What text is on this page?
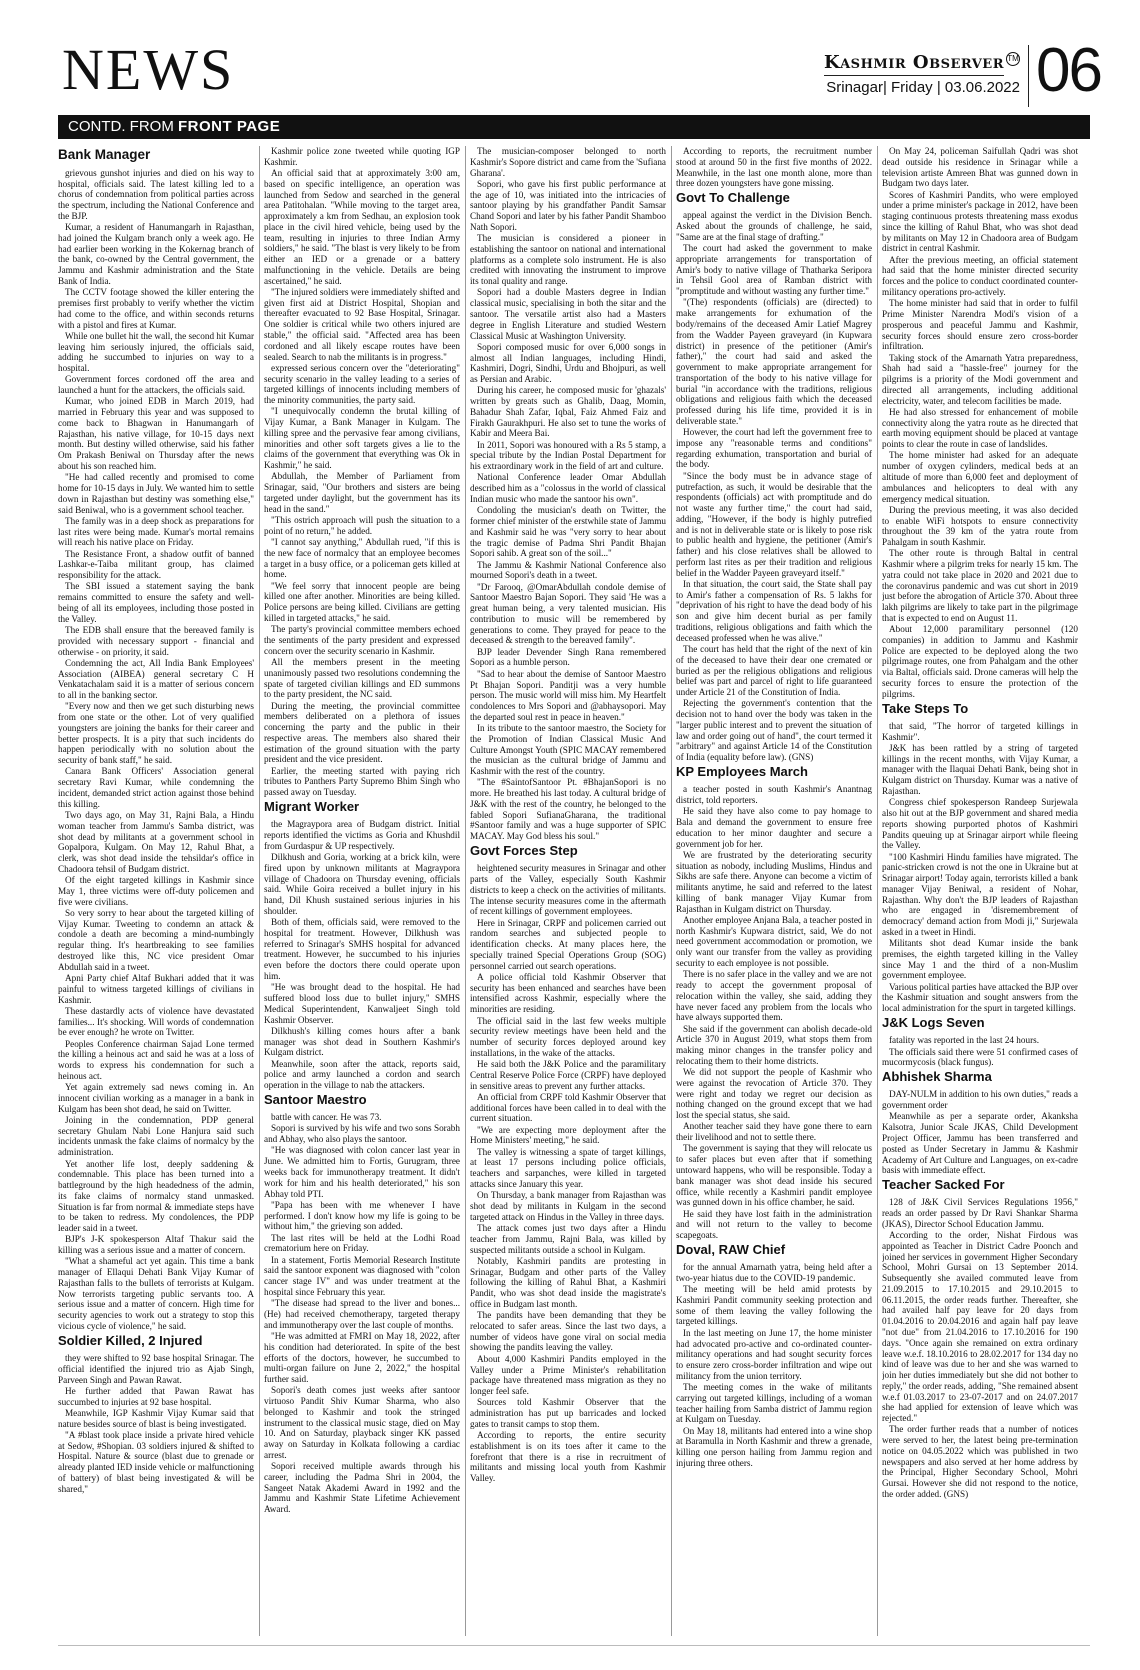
NEWS	Kashmir Observer TM
Srinagar| Friday | 03.06.2022 06
CONTD. FROM FRONT PAGE
Bank Manager

grievous gunshot injuries and died on his way to hospital, officials said. The latest killing led to a chorus of condemnation from political parties across the spectrum, including the National Conference and the BJP.

Kumar, a resident of Hanumangarh in Rajasthan, had joined the Kulgam branch only a week ago. He had earlier been working in the Kokernag branch of the bank, co-owned by the Central government, the Jammu and Kashmir administration and the State Bank of India.

The CCTV footage showed the killer entering the premises first probably to verify whether the victim had come to the office, and within seconds returns with a pistol and fires at Kumar.

While one bullet hit the wall, the second hit Kumar leaving him seriously injured, the officials said, adding he succumbed to injuries on way to a hospital.

Government forces cordoned off the area and launched a hunt for the attackers, the officials said.

Kumar, who joined EDB in March 2019, had married in February this year and was supposed to come back to Bhagwan in Hanumangarh of Rajasthan, his native village, for 10-15 days next month. But destiny willed otherwise, said his father Om Prakash Beniwal on Thursday after the news about his son reached him.

"He had called recently and promised to come home for 10-15 days in July. We wanted him to settle down in Rajasthan but destiny was something else," said Beniwal, who is a government school teacher.

The family was in a deep shock as preparations for last rites were being made. Kumar's mortal remains will reach his native place on Friday.

The Resistance Front, a shadow outfit of banned Lashkar-e-Taiba militant group, has claimed responsibility for the attack.

The SBI issued a statement saying the bank remains committed to ensure the safety and well-being of all its employees, including those posted in the Valley.

The EDB shall ensure that the bereaved family is provided with necessary support - financial and otherwise - on priority, it said.

Condemning the act, All India Bank Employees' Association (AIBEA) general secretary C H Venkatachalam said it is a matter of serious concern to all in the banking sector.

"Every now and then we get such disturbing news from one state or the other. Lot of very qualified youngsters are joining the banks for their career and better prospects. It is a pity that such incidents do happen periodically with no solution about the security of bank staff," he said.

Canara Bank Officers' Association general secretary Ravi Kumar, while condemning the incident, demanded strict action against those behind this killing.

Two days ago, on May 31, Rajni Bala, a Hindu woman teacher from Jammu's Samba district, was shot dead by militants at a government school in Gopalpora, Kulgam. On May 12, Rahul Bhat, a clerk, was shot dead inside the tehsildar's office in Chadoora tehsil of Budgam district.

Of the eight targeted killings in Kashmir since May 1, three victims were off-duty policemen and five were civilians.

So very sorry to hear about the targeted killing of Vijay Kumar. Tweeting to condemn an attack & condole a death are becoming a mind-numbingly regular thing. It's heartbreaking to see families destroyed like this, NC vice president Omar Abdullah said in a tweet.

Apni Party chief Altaf Bukhari added that it was painful to witness targeted killings of civilians in Kashmir.

These dastardly acts of violence have devastated families... It's shocking. Will words of condemnation be ever enough? he wrote on Twitter.

Peoples Conference chairman Sajad Lone termed the killing a heinous act and said he was at a loss of words to express his condemnation for such a heinous act.

Yet again extremely sad news coming in. An innocent civilian working as a manager in a bank in Kulgam has been shot dead, he said on Twitter.

Joining in the condemnation, PDP general secretary Ghulam Nabi Lone Hanjura said such incidents unmask the fake claims of normalcy by the administration.

Yet another life lost, deeply saddening & condemnable. This place has been turned into a battleground by the high headedness of the admin, its fake claims of normalcy stand unmasked. Situation is far from normal & immediate steps have to be taken to redress. My condolences, the PDP leader said in a tweet.

BJP's J-K spokesperson Altaf Thakur said the killing was a serious issue and a matter of concern.

"What a shameful act yet again. This time a bank manager of Ellaqui Dehati Bank Vijay Kumar of Rajasthan falls to the bullets of terrorists at Kulgam. Now terrorists targeting public servants too. A serious issue and a matter of concern. High time for security agencies to work out a strategy to stop this vicious cycle of violence," he said.

Soldier Killed, 2 Injured

they were shifted to 92 base hospital Srinagar. The official identified the injured trio as Ajab Singh, Parveen Singh and Pawan Rawat.

He further added that Pawan Rawat has succumbed to injuries at 92 base hospital.

Meanwhile, IGP Kashmir Vijay Kumar said that nature besides source of blast is being investigated.

"A #blast took place inside a private hired vehicle at Sedow, #Shopian. 03 soldiers injured & shifted to Hospital. Nature & source (blast due to grenade or already planted IED inside vehicle or malfunctioning of battery) of blast being investigated & will be shared,"

Kashmir police zone tweeted while quoting IGP Kashmir.

An official said that at approximately 3:00 am, based on specific intelligence, an operation was launched from Sedow and searched in the general area Patitohalan. "While moving to the target area, approximately a km from Sedhau, an explosion took place in the civil hired vehicle, being used by the team, resulting in injuries to three Indian Army soldiers," he said. "The blast is very likely to be from either an IED or a grenade or a battery malfunctioning in the vehicle. Details are being ascertained," he said.

"The injured soldiers were immediately shifted and given first aid at District Hospital, Shopian and thereafter evacuated to 92 Base Hospital, Srinagar. One soldier is critical while two others injured are stable," the official said. "Affected area has been cordoned and all likely escape routes have been sealed. Search to nab the militants is in progress."

expressed serious concern over the "deteriorating" security scenario in the valley leading to a series of targeted killings of innocents including members of the minority communities, the party said.

"I unequivocally condemn the brutal killing of Vijay Kumar, a Bank Manager in Kulgam. The killing spree and the pervasive fear among civilians, minorities and other soft targets gives a lie to the claims of the government that everything was Ok in Kashmir," he said.

Abdullah, the Member of Parliament from Srinagar, said, "Our brothers and sisters are being targeted under daylight, but the government has its head in the sand."

"This ostrich approach will push the situation to a point of no return," he added.

"I cannot say anything," Abdullah rued, "if this is the new face of normalcy that an employee becomes a target in a busy office, or a policeman gets killed at home.

"We feel sorry that innocent people are being killed one after another. Minorities are being killed. Police persons are being killed. Civilians are getting killed in targeted attacks," he said.

The party's provincial committee members echoed the sentiments of the party president and expressed concern over the security scenario in Kashmir.

All the members present in the meeting unanimously passed two resolutions condemning the spate of targeted civilian killings and ED summons to the party president, the NC said.

During the meeting, the provincial committee members deliberated on a plethora of issues concerning the party and the public in their respective areas. The members also shared their estimation of the ground situation with the party president and the vice president.

Earlier, the meeting started with paying rich tributes to Panthers Party Supremo Bhim Singh who passed away on Tuesday.

Migrant Worker

the Magraypora area of Budgam district. Initial reports identified the victims as Goria and Khushdil from Gurdaspur & UP respectively.

Dilkhush and Goria, working at a brick kiln, were fired upon by unknown militants at Magraypora village of Chadoora on Thursday evening, officials said. While Goira received a bullet injury in his hand, Dil Khush sustained serious injuries in his shoulder.

Both of them, officials said, were removed to the hospital for treatment. However, Dilkhush was referred to Srinagar's SMHS hospital for advanced treatment. However, he succumbed to his injuries even before the doctors there could operate upon him.

"He was brought dead to the hospital. He had suffered blood loss due to bullet injury," SMHS Medical Superintendent, Kanwaljeet Singh told Kashmir Observer.

Dilkhush's killing comes hours after a bank manager was shot dead in Southern Kashmir's Kulgam district.

Meanwhile, soon after the attack, reports said, police and army launched a cordon and search operation in the village to nab the attackers.

Santoor Maestro

battle with cancer. He was 73.

Sopori is survived by his wife and two sons Sorabh and Abhay, who also plays the santoor.

"He was diagnosed with colon cancer last year in June. We admitted him to Fortis, Gurugram, three weeks back for immunotherapy treatment. It didn't work for him and his health deteriorated," his son Abhay told PTI.

"Papa has been with me whenever I have performed. I don't know how my life is going to be without him," the grieving son added.

The last rites will be held at the Lodhi Road crematorium here on Friday.

In a statement, Fortis Memorial Research Institute said the santoor exponent was diagnosed with "colon cancer stage IV" and was under treatment at the hospital since February this year.

"The disease had spread to the liver and bones... (He) had received chemotherapy, targeted therapy and immunotherapy over the last couple of months.

"He was admitted at FMRI on May 18, 2022, after his condition had deteriorated. In spite of the best efforts of the doctors, however, he succumbed to multi-organ failure on June 2, 2022," the hospital further said.

Sopori's death comes just weeks after santoor virtuoso Pandit Shiv Kumar Sharma, who also belonged to Kashmir and took the stringed instrument to the classical music stage, died on May 10. And on Saturday, playback singer KK passed away on Saturday in Kolkata following a cardiac arrest.

Sopori received multiple awards through his career, including the Padma Shri in 2004, the Sangeet Natak Akademi Award in 1992 and the Jammu and Kashmir State Lifetime Achievement Award.

The musician-composer belonged to north Kashmir's Sopore district and came from the 'Sufiana Gharana'.

Sopori, who gave his first public performance at the age of 10, was initiated into the intricacies of santoor playing by his grandfather Pandit Samsar Chand Sopori and later by his father Pandit Shamboo Nath Sopori.

The musician is considered a pioneer in establishing the santoor on national and international platforms as a complete solo instrument. He is also credited with innovating the instrument to improve its tonal quality and range.

Sopori had a double Masters degree in Indian classical music, specialising in both the sitar and the santoor. The versatile artist also had a Masters degree in English Literature and studied Western Classical Music at Washington University.

Sopori composed music for over 6,000 songs in almost all Indian languages, including Hindi, Kashmiri, Dogri, Sindhi, Urdu and Bhojpuri, as well as Persian and Arabic.

During his career, he composed music for 'ghazals' written by greats such as Ghalib, Daag, Momin, Bahadur Shah Zafar, Iqbal, Faiz Ahmed Faiz and Firakh Gaurakhpuri. He also set to tune the works of Kabir and Meera Bai.

In 2011, Sopori was honoured with a Rs 5 stamp, a special tribute by the Indian Postal Department for his extraordinary work in the field of art and culture.

National Conference leader Omar Abdullah described him as a "colossus in the world of classical Indian music who made the santoor his own".

Condoling the musician's death on Twitter, the former chief minister of the erstwhile state of Jammu and Kashmir said he was "very sorry to hear about the tragic demise of Padma Shri Pandit Bhajan Sopori sahib. A great son of the soil..."

The Jammu & Kashmir National Conference also mourned Sopori's death in a tweet.

"Dr Farooq, @OmarAbdullah condole demise of Santoor Maestro Bajan Sopori. They said 'He was a great human being, a very talented musician. His contribution to music will be remembered by generations to come. They prayed for peace to the deceased & strength to the bereaved family".

BJP leader Devender Singh Rana remembered Sopori as a humble person.

"Sad to hear about the demise of Santoor Maestro Pt Bhajan Sopori. Panditji was a very humble person. The music world will miss him. My Heartfelt condolences to Mrs Sopori and @abhaysopori. May the departed soul rest in peace in heaven."

In its tribute to the santoor maestro, the Society for the Promotion of Indian Classical Music And Culture Amongst Youth (SPIC MACAY remembered the musician as the cultural bridge of Jammu and Kashmir with the rest of the country.

"The #SaintofSantoor Pt. #BhajanSopori is no more. He breathed his last today. A cultural bridge of J&K with the rest of the country, he belonged to the fabled Sopori SufianaGharana, the traditional #Santoor family and was a huge supporter of SPIC MACAY. May God bless his soul."

Govt Forces Step

heightened security measures in Srinagar and other parts of the Valley, especially South Kashmir districts to keep a check on the activities of militants. The intense security measures come in the aftermath of recent killings of government employees.

Here in Srinagar, CRPF and policemen carried out random searches and subjected people to identification checks. At many places here, the specially trained Special Operations Group (SOG) personnel carried out search operations.

A police official told Kashmir Observer that security has been enhanced and searches have been intensified across Kashmir, especially where the minorities are residing.

The official said in the last few weeks multiple security review meetings have been held and the number of security forces deployed around key installations, in the wake of the attacks.

He said both the J&K Police and the paramilitary Central Reserve Police Force (CRPF) have deployed in sensitive areas to prevent any further attacks.

An official from CRPF told Kashmir Observer that additional forces have been called in to deal with the current situation.

"We are expecting more deployment after the Home Ministers' meeting," he said.

The valley is witnessing a spate of target killings, at least 17 persons including police officials, teachers and sarpanches, were killed in targeted attacks since January this year.

On Thursday, a bank manager from Rajasthan was shot dead by militants in Kulgam in the second targeted attack on Hindus in the Valley in three days.

The attack comes just two days after a Hindu teacher from Jammu, Rajni Bala, was killed by suspected militants outside a school in Kulgam.

Notably, Kashmiri pandits are protesting in Srinagar, Budgam and other parts of the Valley following the killing of Rahul Bhat, a Kashmiri Pandit, who was shot dead inside the magistrate's office in Budgam last month.

The pandits have been demanding that they be relocated to safer areas. Since the last two days, a number of videos have gone viral on social media showing the pandits leaving the valley.

About 4,000 Kashmiri Pandits employed in the Valley under a Prime Minister's rehabilitation package have threatened mass migration as they no longer feel safe.

Sources told Kashmir Observer that the administration has put up barricades and locked gates to transit camps to stop them.

According to reports, the entire security establishment is on its toes after it came to the forefront that there is a rise in recruitment of militants and missing local youth from Kashmir Valley.

According to reports, the recruitment number stood at around 50 in the first five months of 2022. Meanwhile, in the last one month alone, more than three dozen youngsters have gone missing.

Govt To Challenge

appeal against the verdict in the Division Bench. Asked about the grounds of challenge, he said, "Same are at the final stage of drafting."

The court had asked the government to make appropriate arrangements for transportation of Amir's body to native village of Thatharka Seripora in Tehsil Gool area of Ramban district with "promptitude and without wasting any further time."

"(The) respondents (officials) are (directed) to make arrangements for exhumation of the body/remains of the deceased Amir Latief Magrey from the Wadder Payeen graveyard (in Kupwara district) in presence of the petitioner (Amir's father)," the court had said and asked the government to make appropriate arrangement for transportation of the body to his native village for burial "in accordance with the traditions, religious obligations and religious faith which the deceased professed during his life time, provided it is in deliverable state."

However, the court had left the government free to impose any "reasonable terms and conditions" regarding exhumation, transportation and burial of the body.

"Since the body must be in advance stage of putrefaction, as such, it would be desirable that the respondents (officials) act with promptitude and do not waste any further time," the court had said, adding, "However, if the body is highly putrefied and is not in deliverable state or is likely to pose risk to public health and hygiene, the petitioner (Amir's father) and his close relatives shall be allowed to perform last rites as per their tradition and religious belief in the Wadder Payeen graveyard itself."

In that situation, the court said, the State shall pay to Amir's father a compensation of Rs. 5 lakhs for "deprivation of his right to have the dead body of his son and give him decent burial as per family traditions, religious obligations and faith which the deceased professed when he was alive."

The court has held that the right of the next of kin of the deceased to have their dear one cremated or buried as per the religious obligations and religious belief was part and parcel of right to life guaranteed under Article 21 of the Constitution of India.

Rejecting the government's contention that the decision not to hand over the body was taken in the "larger public interest and to prevent the situation of law and order going out of hand", the court termed it "arbitrary" and against Article 14 of the Constitution of India (equality before law). (GNS)

KP Employees March

a teacher posted in south Kashmir's Anantnag district, told reporters.

He said they have also come to pay homage to Bala and demand the government to ensure free education to her minor daughter and secure a government job for her.

We are frustrated by the deteriorating security situation as nobody, including Muslims, Hindus and Sikhs are safe there. Anyone can become a victim of militants anytime, he said and referred to the latest killing of bank manager Vijay Kumar from Rajasthan in Kulgam district on Thursday.

Another employee Anjana Bala, a teacher posted in north Kashmir's Kupwara district, said, We do not need government accommodation or promotion, we only want our transfer from the valley as providing security to each employee is not possible.

There is no safer place in the valley and we are not ready to accept the government proposal of relocation within the valley, she said, adding they have never faced any problem from the locals who have always supported them.

She said if the government can abolish decade-old Article 370 in August 2019, what stops them from making minor changes in the transfer policy and relocating them to their home districts.

We did not support the people of Kashmir who were against the revocation of Article 370. They were right and today we regret our decision as nothing changed on the ground except that we had lost the special status, she said.

Another teacher said they have gone there to earn their livelihood and not to settle there.

The government is saying that they will relocate us to safer places but even after that if something untoward happens, who will be responsible. Today a bank manager was shot dead inside his secured office, while recently a Kashmiri pandit employee was gunned down in his office chamber, he said.

He said they have lost faith in the administration and will not return to the valley to become scapegoats.

Doval, RAW Chief

for the annual Amarnath yatra, being held after a two-year hiatus due to the COVID-19 pandemic.

The meeting will be held amid protests by Kashmiri Pandit community seeking protection and some of them leaving the valley following the targeted killings.

In the last meeting on June 17, the home minister had advocated pro-active and co-ordinated counter-militancy operations and had sought security forces to ensure zero cross-border infiltration and wipe out militancy from the union territory.

The meeting comes in the wake of militants carrying out targeted killings, including of a woman teacher hailing from Samba district of Jammu region at Kulgam on Tuesday.

On May 18, militants had entered into a wine shop at Baramulla in North Kashmir and threw a grenade, killing one person hailing from Jammu region and injuring three others.

On May 24, policeman Saifullah Qadri was shot dead outside his residence in Srinagar while a television artiste Amreen Bhat was gunned down in Budgam two days later.

Scores of Kashmiri Pandits, who were employed under a prime minister's package in 2012, have been staging continuous protests threatening mass exodus since the killing of Rahul Bhat, who was shot dead by militants on May 12 in Chadoora area of Budgam district in central Kashmir.

After the previous meeting, an official statement had said that the home minister directed security forces and the police to conduct coordinated counter-militancy operations pro-actively.

The home minister had said that in order to fulfil Prime Minister Narendra Modi's vision of a prosperous and peaceful Jammu and Kashmir, security forces should ensure zero cross-border infiltration.

Taking stock of the Amarnath Yatra preparedness, Shah had said a "hassle-free" journey for the pilgrims is a priority of the Modi government and directed all arrangements, including additional electricity, water, and telecom facilities be made.

He had also stressed for enhancement of mobile connectivity along the yatra route as he directed that earth moving equipment should be placed at vantage points to clear the route in case of landslides.

The home minister had asked for an adequate number of oxygen cylinders, medical beds at an altitude of more than 6,000 feet and deployment of ambulances and helicopters to deal with any emergency medical situation.

During the previous meeting, it was also decided to enable WiFi hotspots to ensure connectivity throughout the 39 km of the yatra route from Pahalgam in south Kashmir.

The other route is through Baltal in central Kashmir where a pilgrim treks for nearly 15 km. The yatra could not take place in 2020 and 2021 due to the coronavirus pandemic and was cut short in 2019 just before the abrogation of Article 370. About three lakh pilgrims are likely to take part in the pilgrimage that is expected to end on August 11.

About 12,000 paramilitary personnel (120 companies) in addition to Jammu and Kashmir Police are expected to be deployed along the two pilgrimage routes, one from Pahalgam and the other via Baltal, officials said. Drone cameras will help the security forces to ensure the protection of the pilgrims.

Take Steps To

that said, "The horror of targeted killings in Kashmir".

J&K has been rattled by a string of targeted killings in the recent months, with Vijay Kumar, a manager with the Ilaquai Dehati Bank, being shot in Kulgam district on Thursday. Kumar was a native of Rajasthan.

Congress chief spokesperson Randeep Surjewala also hit out at the BJP government and shared media reports showing purported photos of Kashmiri Pandits queuing up at Srinagar airport while fleeing the Valley.

"100 Kashmiri Hindu families have migrated. The panic-stricken crowd is not the one in Ukraine but at Srinagar airport! Today again, terrorists killed a bank manager Vijay Beniwal, a resident of Nohar, Rajasthan. Why don't the BJP leaders of Rajasthan who are engaged in 'disremembrement of democracy' demand action from Modi ji," Surjewala asked in a tweet in Hindi.

Militants shot dead Kumar inside the bank premises, the eighth targeted killing in the Valley since May 1 and the third of a non-Muslim government employee.

Various political parties have attacked the BJP over the Kashmir situation and sought answers from the local administration for the spurt in targeted killings.

J&K Logs Seven

fatality was reported in the last 24 hours.

The officials said there were 51 confirmed cases of mucormycosis (black fungus).

Abhishek Sharma

DAY-NULM in addition to his own duties," reads a government order

Meanwhile as per a separate order, Akanksha Kalsotra, Junior Scale JKAS, Child Development Project Officer, Jammu has been transferred and posted as Under Secretary in Jammu & Kashmir Academy of Art Culture and Languages, on ex-cadre basis with immediate effect.

Teacher Sacked For

128 of J&K Civil Services Regulations 1956," reads an order passed by Dr Ravi Shankar Sharma (JKAS), Director School Education Jammu.

According to the order, Nishat Firdous was appointed as Teacher in District Cadre Poonch and joined her services in government Higher Secondary School, Mohri Gursai on 13 September 2014. Subsequently she availed commuted leave from 21.09.2015 to 17.10.2015 and 29.10.2015 to 06.11.2015, the order reads further. Thereafter, she had availed half pay leave for 20 days from 01.04.2016 to 20.04.2016 and again half pay leave "not due" from 21.04.2016 to 17.10.2016 for 190 days. "Once again she remained on extra ordinary leave w.e.f. 18.10.2016 to 28.02.2017 for 134 day no kind of leave was due to her and she was warned to join her duties immediately but she did not bother to reply," the order reads, adding, "She remained absent w.e.f 01.03.2017 to 23-07-2017 and on 24.07.2017 she had applied for extension of leave which was rejected."

The order further reads that a number of notices were served to her, the latest being pre-termination notice on 04.05.2022 which was published in two newspapers and also served at her home address by the Principal, Higher Secondary School, Mohri Gursai. However she did not respond to the notice, the order added. (GNS)
